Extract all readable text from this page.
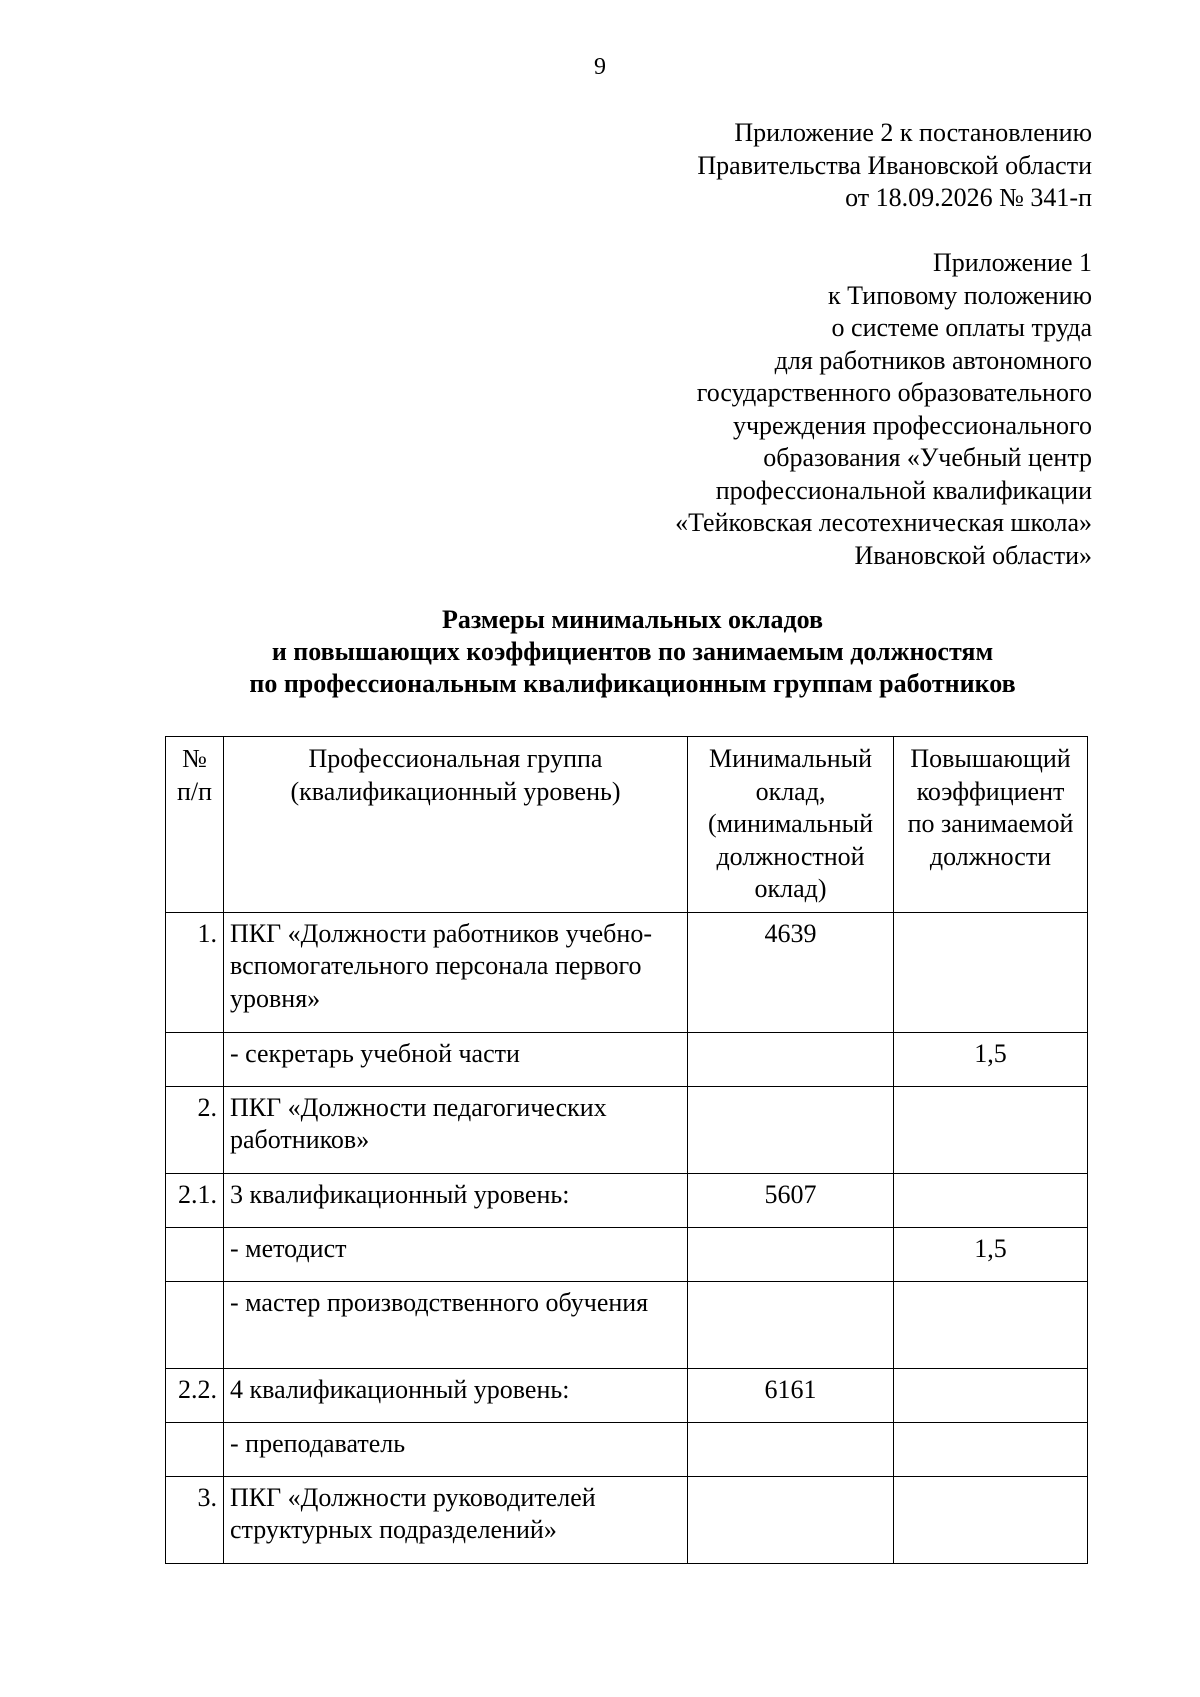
9
Приложение 2 к постановлению
Правительства Ивановской области
от 18.09.2026 № 341-п
Приложение 1
к Типовому положению
о системе оплаты труда
для работников автономного
государственного образовательного
учреждения профессионального
образования «Учебный центр
профессиональной квалификации
«Тейковская лесотехническая школа»
Ивановской области»
Размеры минимальных окладов
и повышающих коэффициентов по занимаемым должностям
по профессиональным квалификационным группам работников
№ п/п	Профессиональная группа (квалификационный уровень)	Минимальный оклад, (минимальный должностной оклад)	Повышающий коэффициент по занимаемой должности
1.	ПКГ «Должности работников учебно-вспомогательного персонала первого уровня»	4639	
	- секретарь учебной части		1,5
2.	ПКГ «Должности педагогических работников»		
2.1.	3 квалификационный уровень:	5607	
	- методист		1,5
	- мастер производственного обучения		
2.2.	4 квалификационный уровень:	6161	
	- преподаватель		
3.	ПКГ «Должности руководителей структурных подразделений»		
